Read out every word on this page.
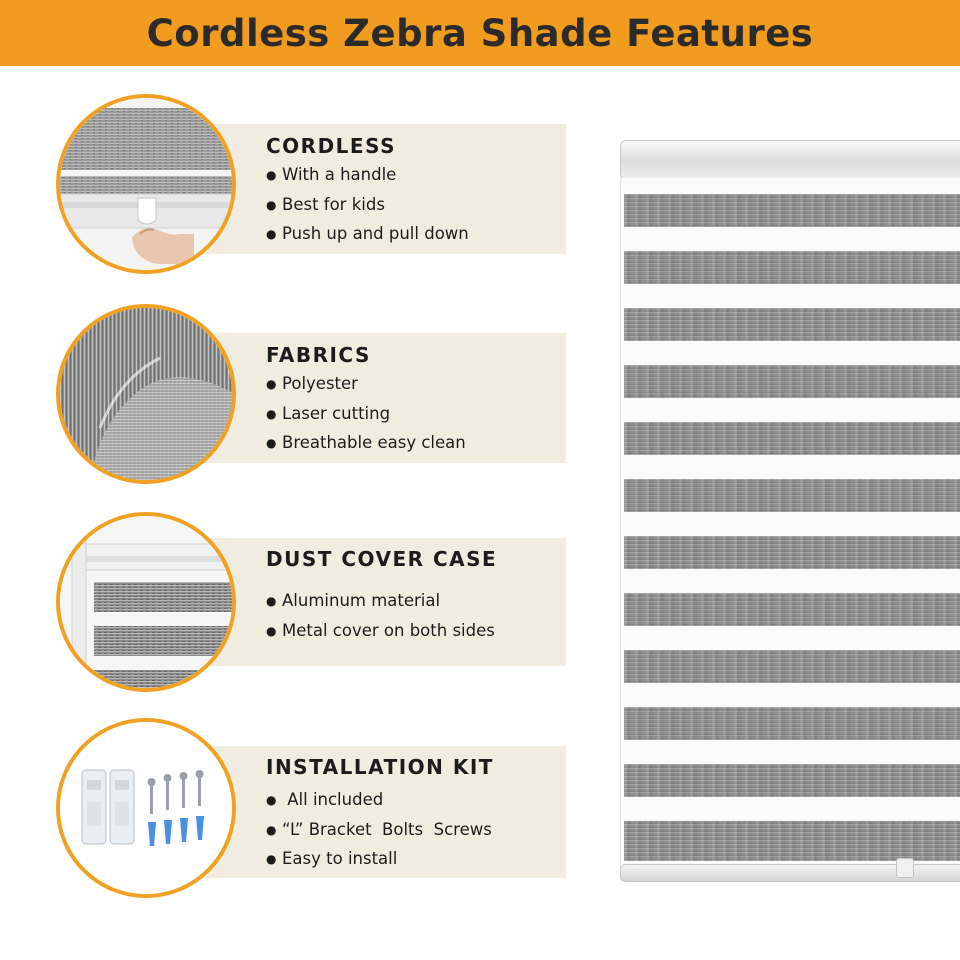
Cordless Zebra Shade Features
CORDLESS
● With a handle
● Best for kids
● Push up and pull down
FABRICS
● Polyester
● Laser cutting
● Breathable easy clean
DUST COVER CASE
● Aluminum material
● Metal cover on both sides
INSTALLATION KIT
● All included
● “L” Bracket  Bolts  Screws
● Easy to install
